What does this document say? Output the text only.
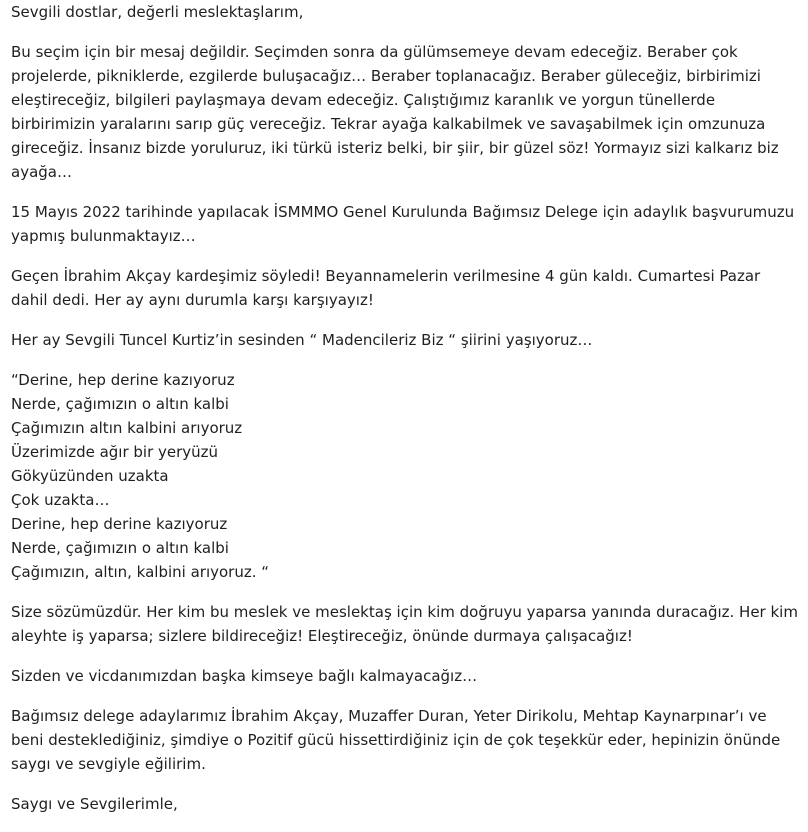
Sevgili dostlar, değerli meslektaşlarım,

Bu seçim için bir mesaj değildir. Seçimden sonra da gülümsemeye devam edeceğiz. Beraber çok projelerde, pikniklerde, ezgilerde buluşacağız… Beraber toplanacağız. Beraber güleceğiz, birbirimizi eleştireceğiz, bilgileri paylaşmaya devam edeceğiz. Çalıştığımız karanlık ve yorgun tünellerde birbirimizin yaralarını sarıp güç vereceğiz. Tekrar ayağa kalkabilmek ve savaşabilmek için omzunuza gireceğiz. İnsanız bizde yoruluruz, iki türkü isteriz belki, bir şiir, bir güzel söz! Yormayız sizi kalkarız biz ayağa…

15 Mayıs 2022 tarihinde yapılacak İSMMMO Genel Kurulunda Bağımsız Delege için adaylık başvurumuzu yapmış bulunmaktayız…

Geçen İbrahim Akçay kardeşimiz söyledi! Beyannamelerin verilmesine 4 gün kaldı. Cumartesi Pazar dahil dedi. Her ay aynı durumla karşı karşıyayız!

Her ay Sevgili Tuncel Kurtiz’in sesinden “ Madencileriz Biz “ şiirini yaşıyoruz…

“Derine, hep derine kazıyoruz
Nerde, çağımızın o altın kalbi
Çağımızın altın kalbini arıyoruz
Üzerimizde ağır bir yeryüzü
Gökyüzünden uzakta
Çok uzakta…
Derine, hep derine kazıyoruz
Nerde, çağımızın o altın kalbi
Çağımızın, altın, kalbini arıyoruz. “

Size sözümüzdür. Her kim bu meslek ve meslektaş için kim doğruyu yaparsa yanında duracağız. Her kim aleyhte iş yaparsa; sizlere bildireceğiz! Eleştireceğiz, önünde durmaya çalışacağız!

Sizden ve vicdanımızdan başka kimseye bağlı kalmayacağız…

Bağımsız delege adaylarımız İbrahim Akçay, Muzaffer Duran, Yeter Dirikolu, Mehtap Kaynarpınar’ı ve beni desteklediğiniz, şimdiye o Pozitif gücü hissettirdiğiniz için de çok teşekkür eder, hepinizin önünde saygı ve sevgiyle eğilirim.

Saygı ve Sevgilerimle,
